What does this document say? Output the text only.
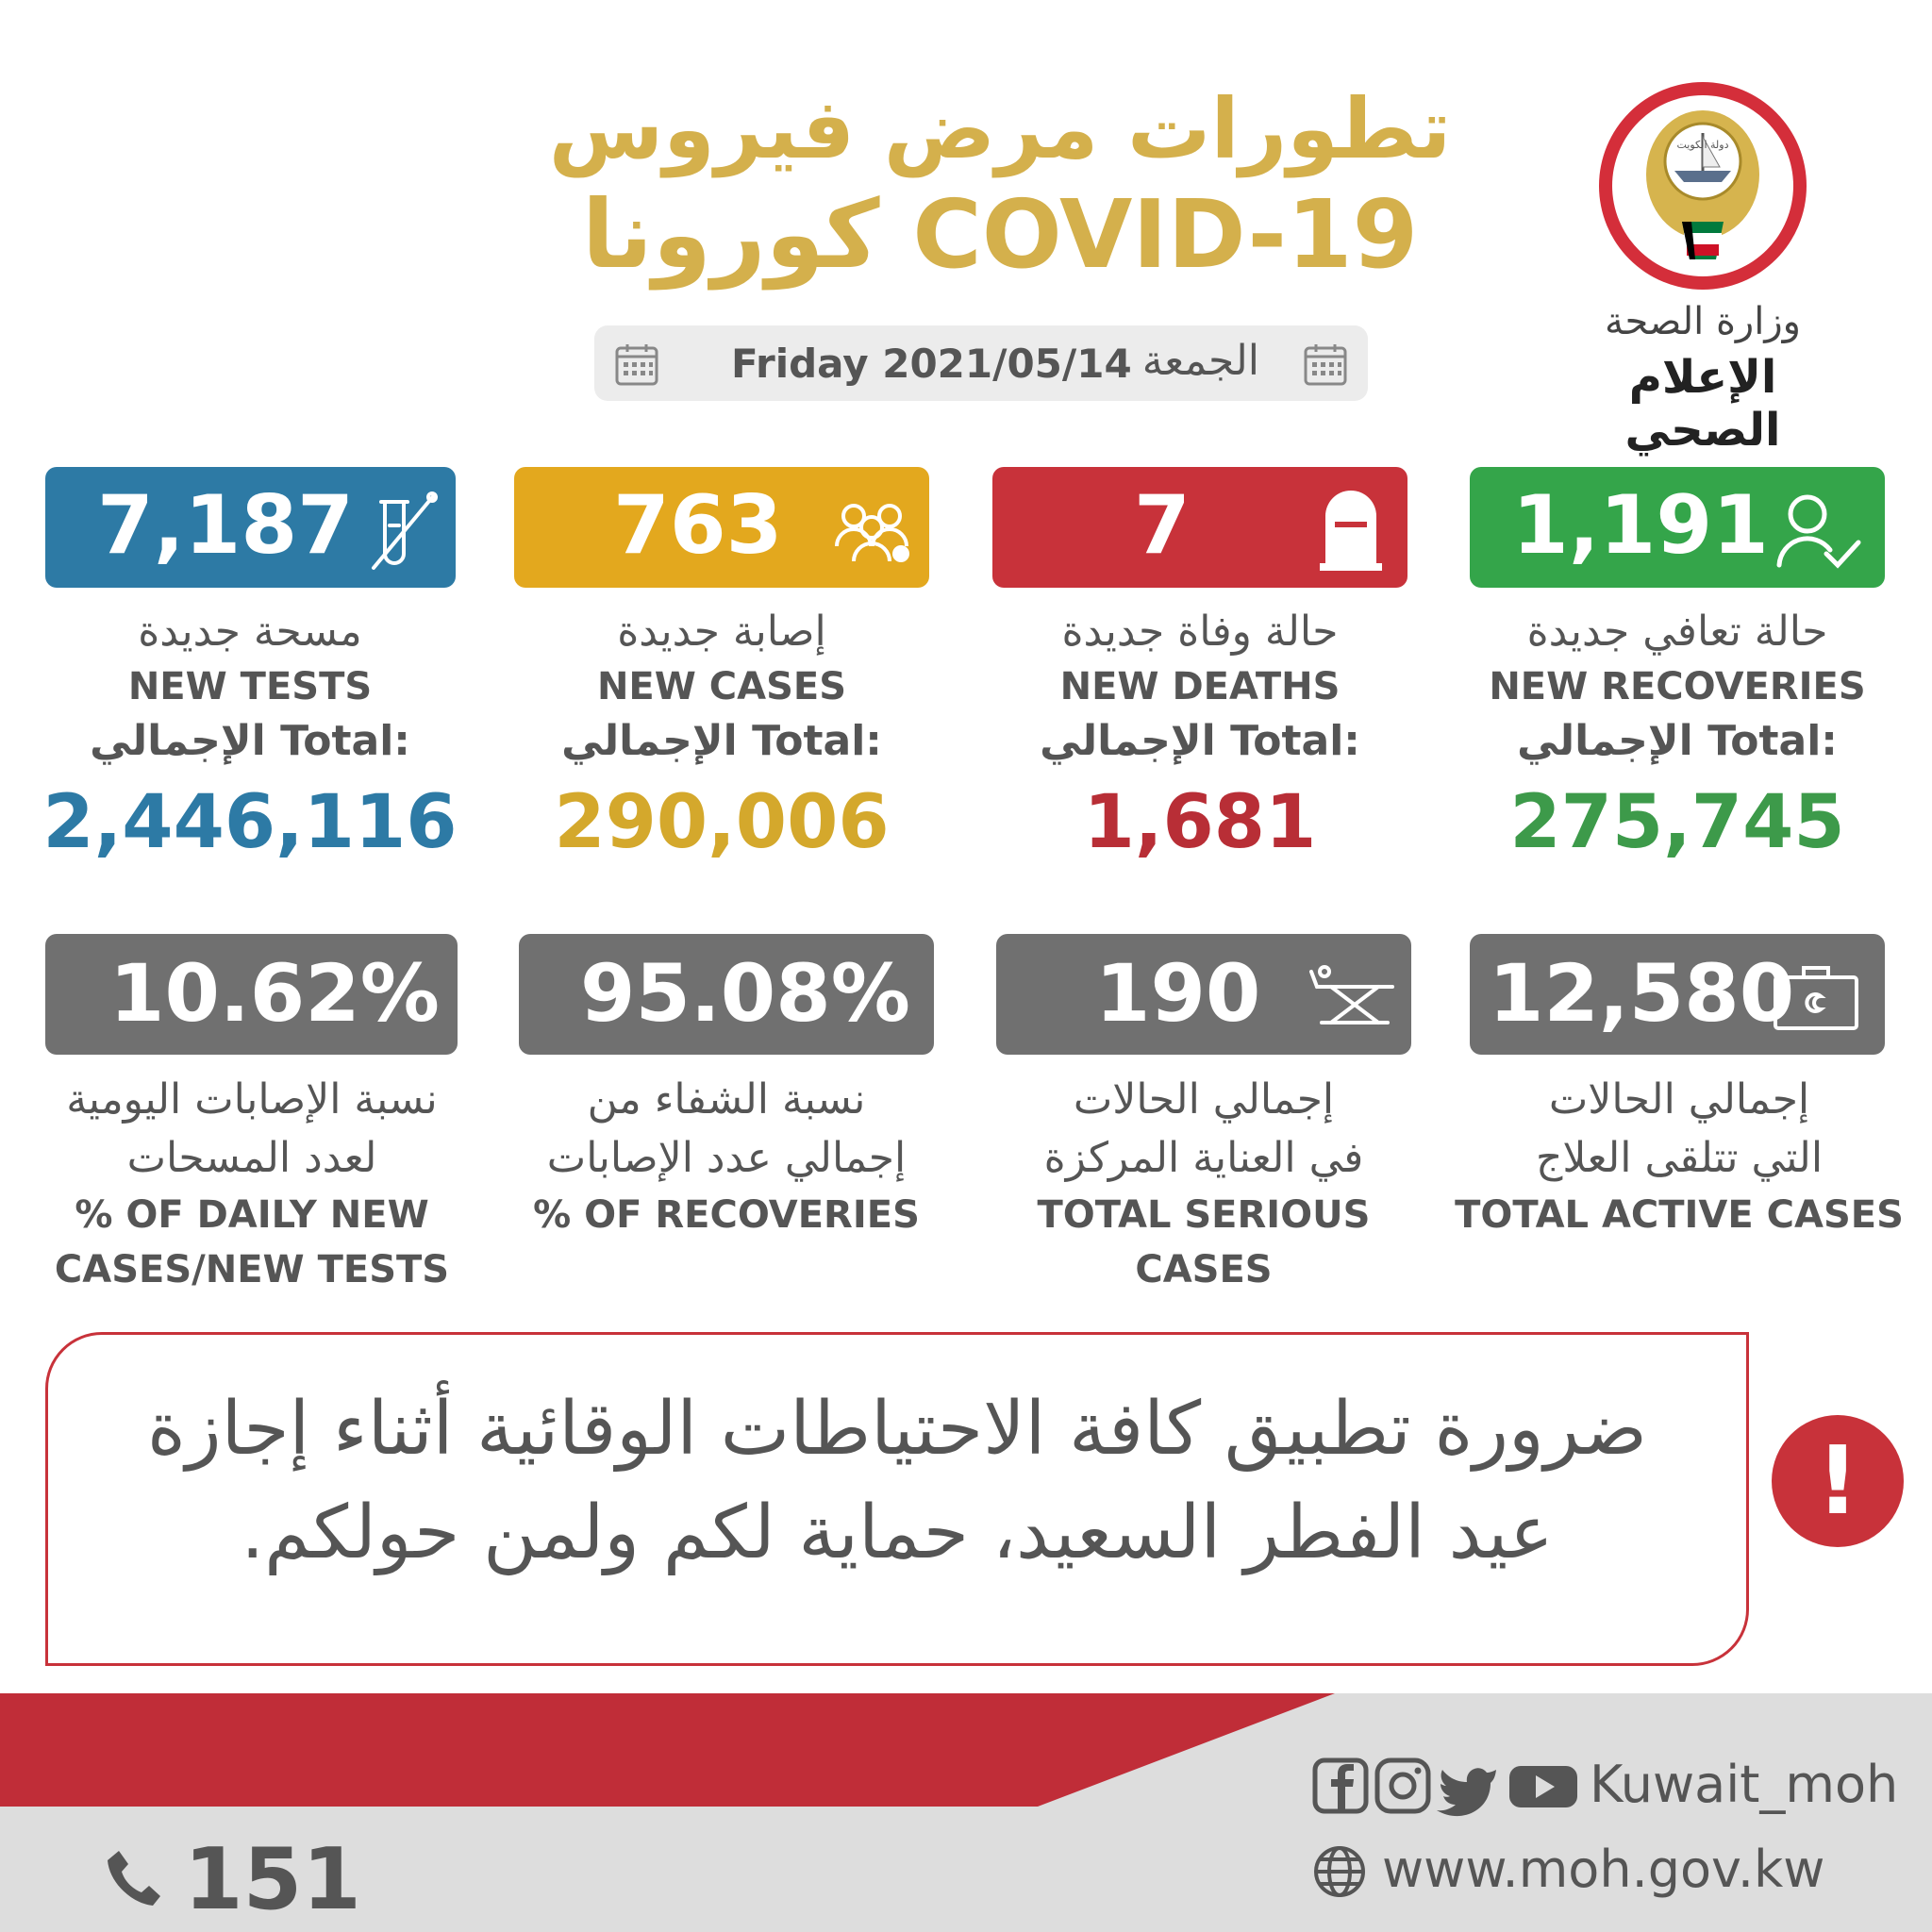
تطورات مرض فيروس
كورونا COVID-19
Friday 2021/05/14 الجمعة
دولة الكويت
وزارة الصحة
الإعلام الصحي
7,187	763	7	1,191
مسحة جديدة
NEW TESTS
الإجمالي Total:
2,446,116
إصابة جديدة
NEW CASES
الإجمالي Total:
290,006
حالة وفاة جديدة
NEW DEATHS
الإجمالي Total:
1,681
حالة تعافي جديدة
NEW RECOVERIES
الإجمالي Total:
275,745
10.62% 95.08% 190	12,580
نسبة الإصابات اليومية
لعدد المسحات
% OF DAILY NEW
CASES/NEW TESTS
نسبة الشفاء من
إجمالي عدد الإصابات
% OF RECOVERIES
إجمالي الحالات
في العناية المركزة
TOTAL SERIOUS CASES
إجمالي الحالات
التي تتلقى العلاج
TOTAL ACTIVE CASES
ضرورة تطبيق كافة الاحتياطات الوقائية أثناء إجازة
عيد الفطر السعيد، حماية لكم ولمن حولكم.	!
Kuwait_moh
www.moh.gov.kw
151
